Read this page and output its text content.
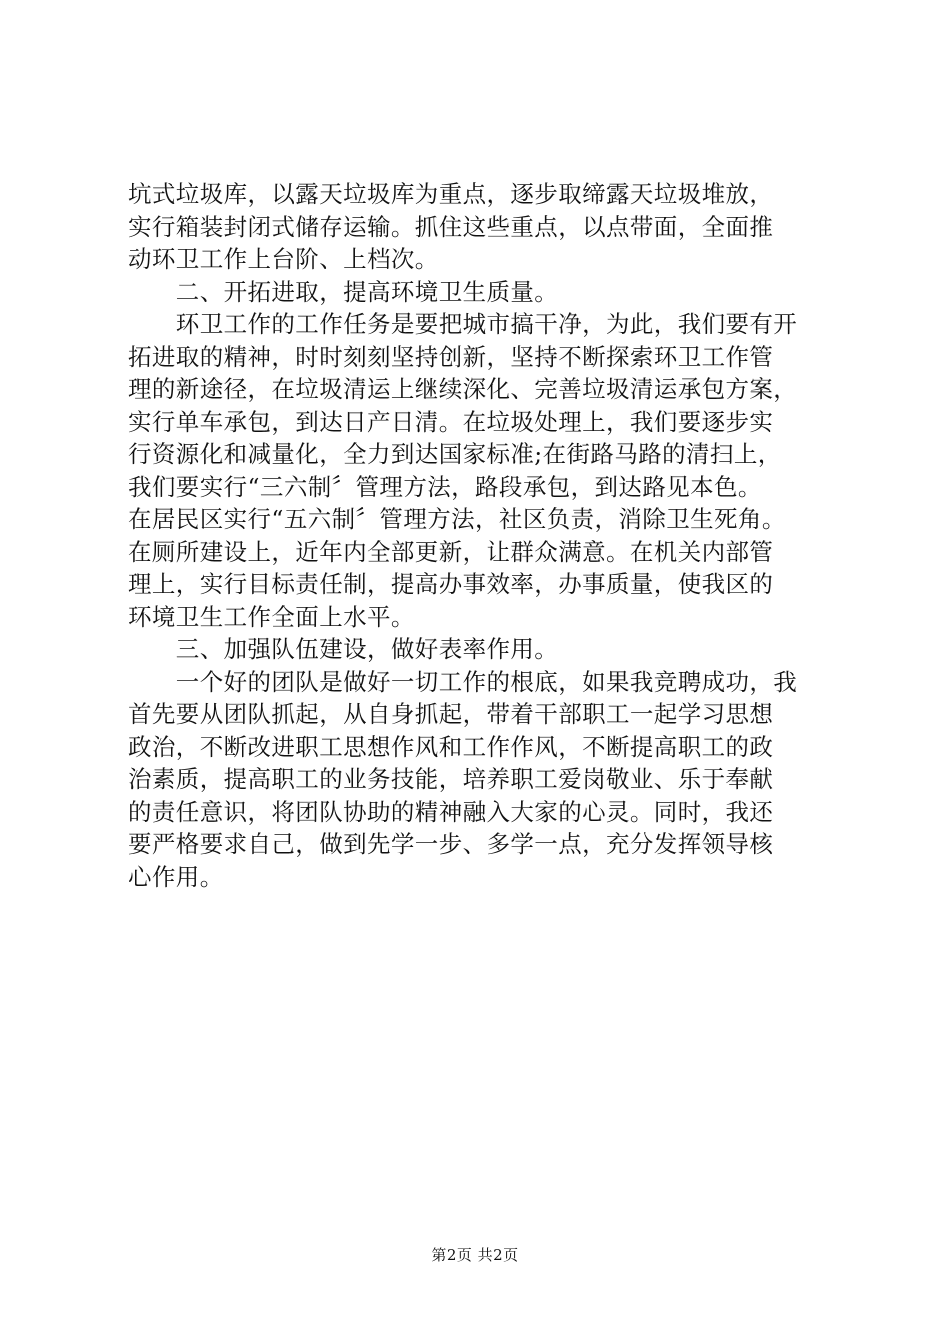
坑式垃圾库，以露天垃圾库为重点，逐步取缔露天垃圾堆放，
实行箱装封闭式储存运输。抓住这些重点，以点带面，全面推
动环卫工作上台阶、上档次。
　　二、开拓进取，提高环境卫生质量。
　　环卫工作的工作任务是要把城市搞干净，为此，我们要有开
拓进取的精神，时时刻刻坚持创新，坚持不断探索环卫工作管
理的新途径，在垃圾清运上继续深化、完善垃圾清运承包方案，
实行单车承包，到达日产日清。在垃圾处理上，我们要逐步实
行资源化和减量化，全力到达国家标准;在街路马路的清扫上，
我们要实行“三六制〞管理方法，路段承包，到达路见本色。
在居民区实行“五六制〞管理方法，社区负责，消除卫生死角。
在厕所建设上，近年内全部更新，让群众满意。在机关内部管
理上，实行目标责任制，提高办事效率，办事质量，使我区的
环境卫生工作全面上水平。
　　三、加强队伍建设，做好表率作用。
　　一个好的团队是做好一切工作的根底，如果我竞聘成功，我
首先要从团队抓起，从自身抓起，带着干部职工一起学习思想
政治，不断改进职工思想作风和工作作风，不断提高职工的政
治素质，提高职工的业务技能，培养职工爱岗敬业、乐于奉献
的责任意识，将团队协助的精神融入大家的心灵。同时，我还
要严格要求自己，做到先学一步、多学一点，充分发挥领导核
心作用。
第2页 共2页
